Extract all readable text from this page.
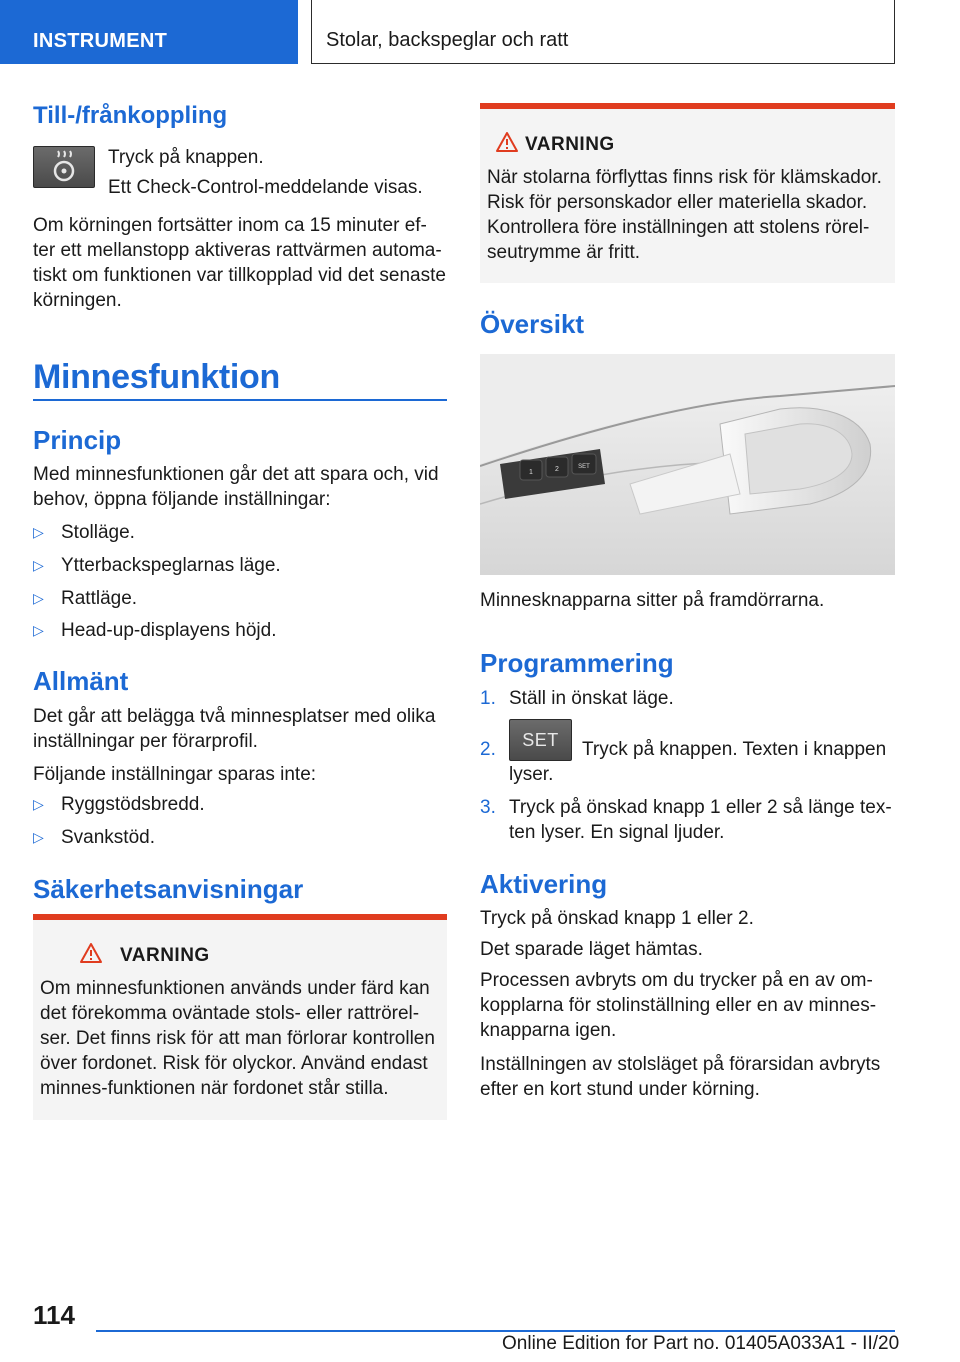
INSTRUMENT	Stolar, backspeglar och ratt
Till-/frånkoppling
Tryck på knappen.
Ett Check-Control-meddelande visas.
Om körningen fortsätter inom ca 15 minuter ef-
ter ett mellanstopp aktiveras rattvärmen automa-
tiskt om funktionen var tillkopplad vid det senaste
körningen.
Minnesfunktion
Princip
Med minnesfunktionen går det att spara och, vid
behov, öppna följande inställningar:
▷ Stolläge.
▷ Ytterbackspeglarnas läge.
▷ Rattläge.
▷ Head-up-displayens höjd.
Allmänt
Det går att belägga två minnesplatser med olika
inställningar per förarprofil.
Följande inställningar sparas inte:
▷ Ryggstödsbredd.
▷ Svankstöd.
Säkerhetsanvisningar
VARNING
Om minnesfunktionen används under färd kan
det förekomma oväntade stols- eller rattrörel-
ser. Det finns risk för att man förlorar kontrollen
över fordonet. Risk för olyckor. Använd endast
minnes-funktionen när fordonet står stilla.
VARNING
När stolarna förflyttas finns risk för klämskador.
Risk för personskador eller materiella skador.
Kontrollera före inställningen att stolens rörel-
seutrymme är fritt.
Översikt
1	2	SET
Minnesknapparna sitter på framdörrarna.
Programmering
1. Ställ in önskat läge.
2. SET Tryck på knappen. Texten i knappen
lyser.
3. Tryck på önskad knapp 1 eller 2 så länge tex-
ten lyser. En signal ljuder.
Aktivering
Tryck på önskad knapp 1 eller 2.
Det sparade läget hämtas.
Processen avbryts om du trycker på en av om-
kopplarna för stolinställning eller en av minnes-
knapparna igen.
Inställningen av stolsläget på förarsidan avbryts
efter en kort stund under körning.
114
Online Edition for Part no. 01405A033A1 - II/20
